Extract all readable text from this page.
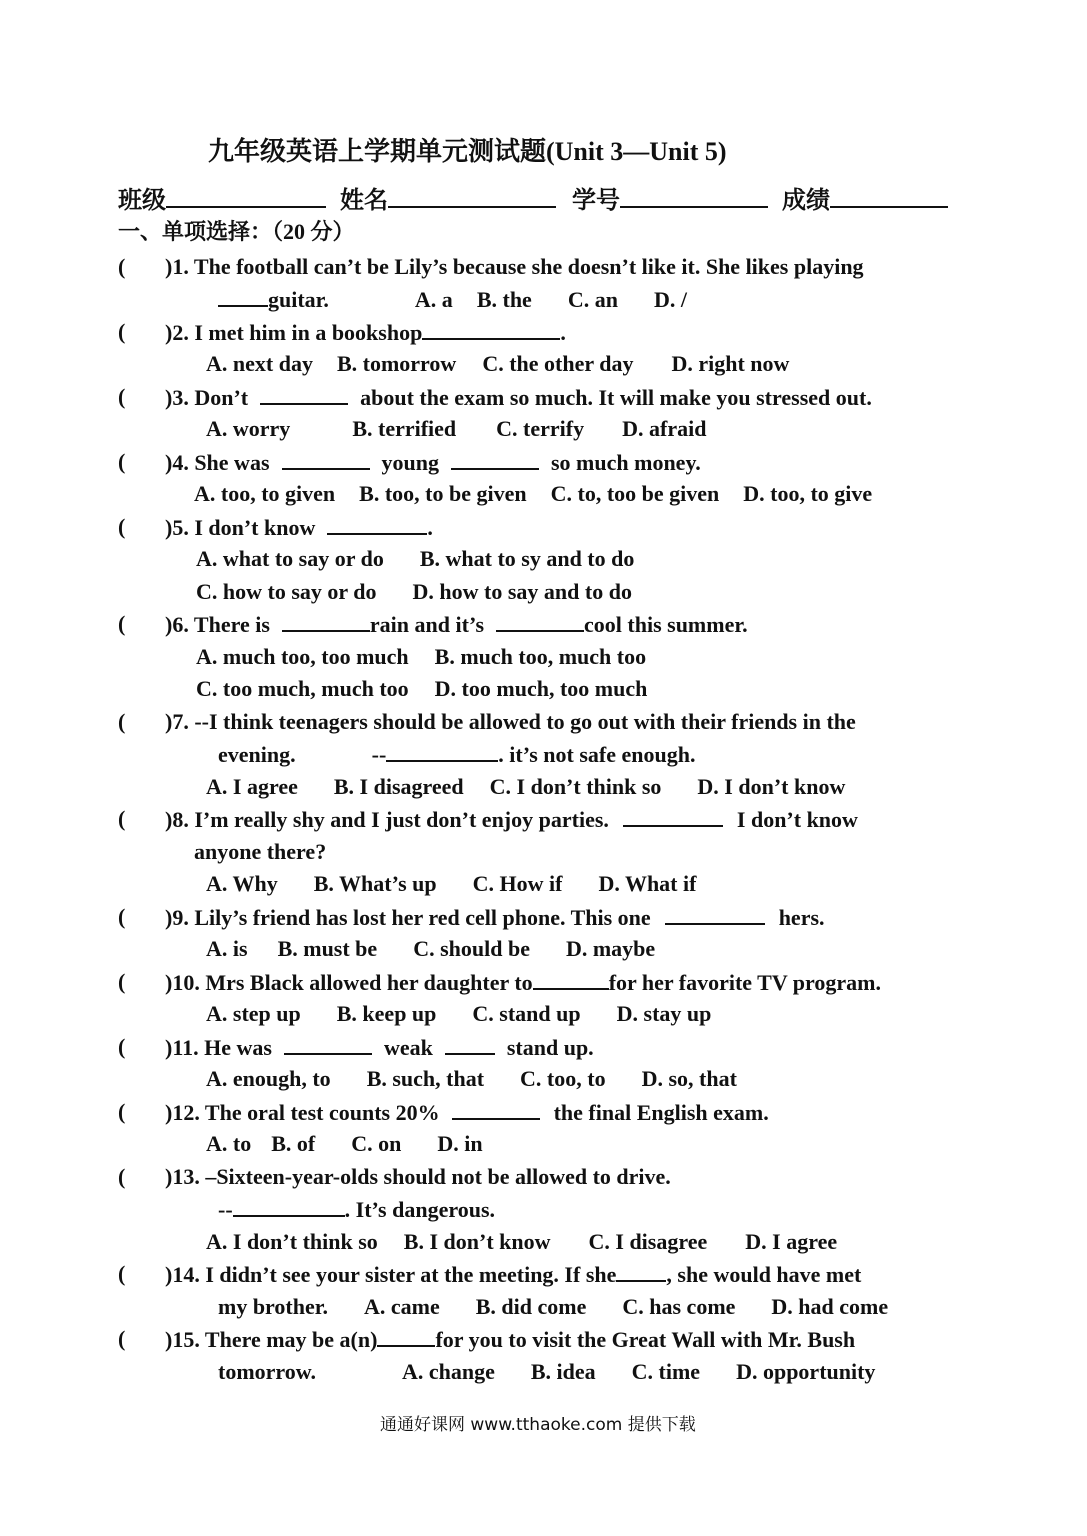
九年级英语上学期单元测试题(Unit 3—Unit 5)
班级	姓名	学号	成绩
一、单项选择：（20 分）
( )1. The football can’t be Lily’s because she doesn’t like it. She likes playing
guitar.	A. a B. the C. an D. /
( )2. I met him in a bookshop	.
A. next day B. tomorrow C. the other day D. right now
( )3. Don’t	about the exam so much. It will make you stressed out.
A. worry	B. terrified C. terrify D. afraid
( )4. She was	young	so much money.
A. too, to given B. too, to be given C. to, too be given D. too, to give
( )5. I don’t know	.
A. what to say or do B. what to sy and to do
C. how to say or do D. how to say and to do
( )6. There is	rain and it’s	cool this summer.
A. much too, too much B. much too, much too
C. too much, much too D. too much, too much
( )7. --I think teenagers should be allowed to go out with their friends in the
evening.	--	. it’s not safe enough.
A. I agree B. I disagreed C. I don’t think so D. I don’t know
( )8. I’m really shy and I just don’t enjoy parties.	I don’t know
anyone there?
A. Why B. What’s up C. How if D. What if
( )9. Lily’s friend has lost her red cell phone. This one	hers.
A. is B. must be C. should be D. maybe
( )10. Mrs Black allowed her daughter to	for her favorite TV program.
A. step up B. keep up C. stand up D. stay up
( )11. He was	weak	stand up.
A. enough, to B. such, that C. too, to D. so, that
( )12. The oral test counts 20%	the final English exam.
A. to B. of C. on D. in
( )13. –Sixteen-year-olds should not be allowed to drive.
--	. It’s dangerous.
A. I don’t think so B. I don’t know C. I disagree D. I agree
( )14. I didn’t see your sister at the meeting. If she , she would have met
my brother. A. came B. did come C. has come D. had come
( )15. There may be a(n)	for you to visit the Great Wall with Mr. Bush
tomorrow.	A. change B. idea C. time D. opportunity
通通好课网 www.tthaoke.com 提供下载
